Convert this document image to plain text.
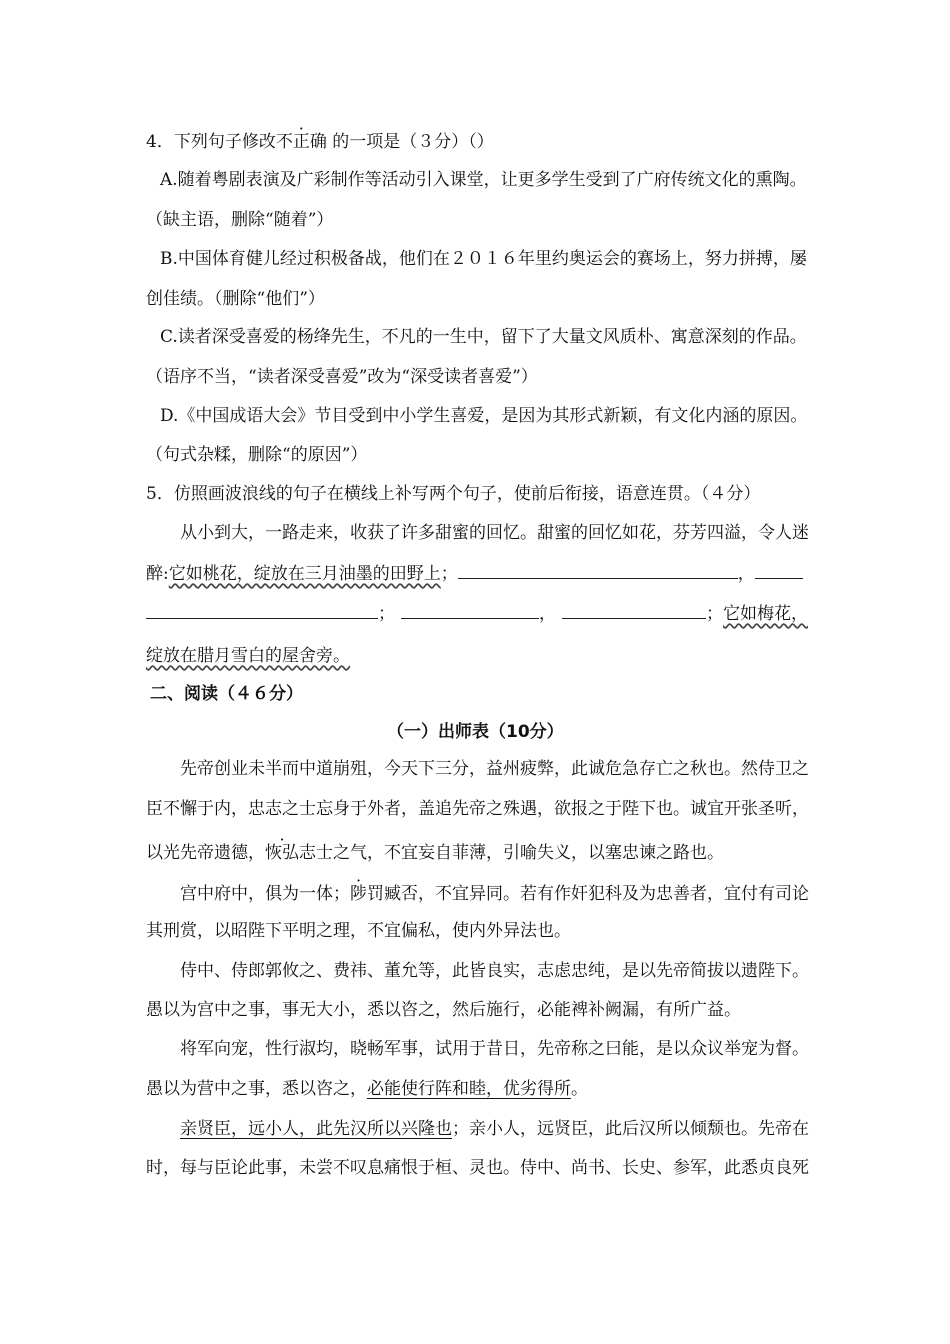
4．下列句子修改不正确 的一项是（３分）（）
A.随着粤剧表演及广彩制作等活动引入课堂，让更多学生受到了广府传统文化的熏陶。
（缺主语，删除“随着”）
B.中国体育健儿经过积极备战，他们在２０１６年里约奥运会的赛场上，努力拼搏，屡
创佳绩。（删除“他们”）
C.读者深受喜爱的杨绛先生，不凡的一生中，留下了大量文风质朴、寓意深刻的作品。
（语序不当，“读者深受喜爱”改为“深受读者喜爱”）
D.《中国成语大会》节目受到中小学生喜爱，是因为其形式新颖，有文化内涵的原因。
（句式杂糅，删除“的原因”）
5．仿照画波浪线的句子在横线上补写两个句子，使前后衔接，语意连贯。（４分）
从小到大，一路走来，收获了许多甜蜜的回忆。甜蜜的回忆如花，芬芳四溢，令人迷
醉:它如桃花，绽放在三月油墨的田野上；	，
；	，	；它如梅花，
绽放在腊月雪白的屋舍旁。
二、阅读（４６分）
（一）出师表（10分）
先帝创业未半而中道崩殂，今天下三分，益州疲弊，此诚危急存亡之秋也。然侍卫之
臣不懈于内，忠志之士忘身于外者，盖追先帝之殊遇，欲报之于陛下也。诚宜开张圣听，
以光先帝遗德，恢弘志士之气，不宜妄自菲薄，引喻失义，以塞忠谏之路也。
宫中府中，俱为一体；陟罚臧否，不宜异同。若有作奸犯科及为忠善者，宜付有司论
其刑赏，以昭陛下平明之理，不宜偏私，使内外异法也。
侍中、侍郎郭攸之、费祎、董允等，此皆良实，志虑忠纯，是以先帝简拔以遗陛下。
愚以为宫中之事，事无大小，悉以咨之，然后施行，必能裨补阙漏，有所广益。
将军向宠，性行淑均，晓畅军事，试用于昔日，先帝称之曰能，是以众议举宠为督。
愚以为营中之事，悉以咨之，必能使行阵和睦，优劣得所。
亲贤臣，远小人，此先汉所以兴隆也；亲小人，远贤臣，此后汉所以倾颓也。先帝在
时，每与臣论此事，未尝不叹息痛恨于桓、灵也。侍中、尚书、长史、参军，此悉贞良死
